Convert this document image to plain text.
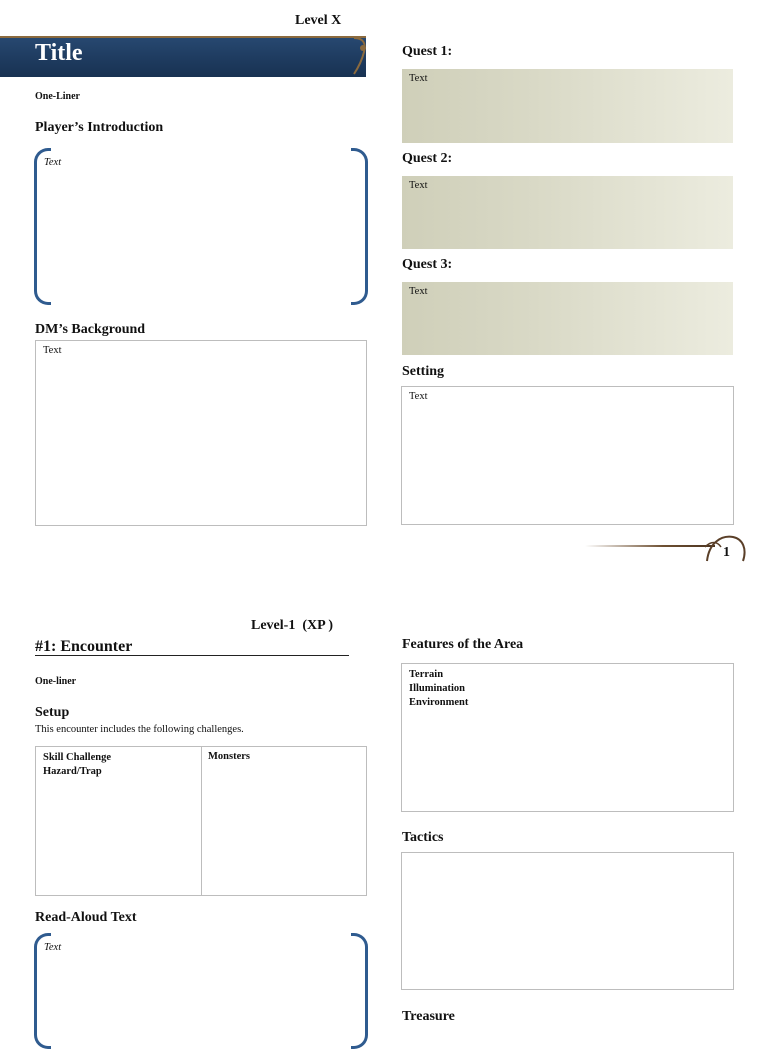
Level X
Title
One-Liner
Player’s Introduction
Text
DM’s Background
Text
Quest 1:
Text
Quest 2:
Text
Quest 3:
Text
Setting
Text
1
Level-1  (XP )
#1: Encounter
One-liner
Setup
This encounter includes the following challenges.
Skill Challenge
Hazard/Trap
Monsters
Read-Aloud Text
Text
Features of the Area
Terrain
Illumination
Environment
Tactics
Treasure
